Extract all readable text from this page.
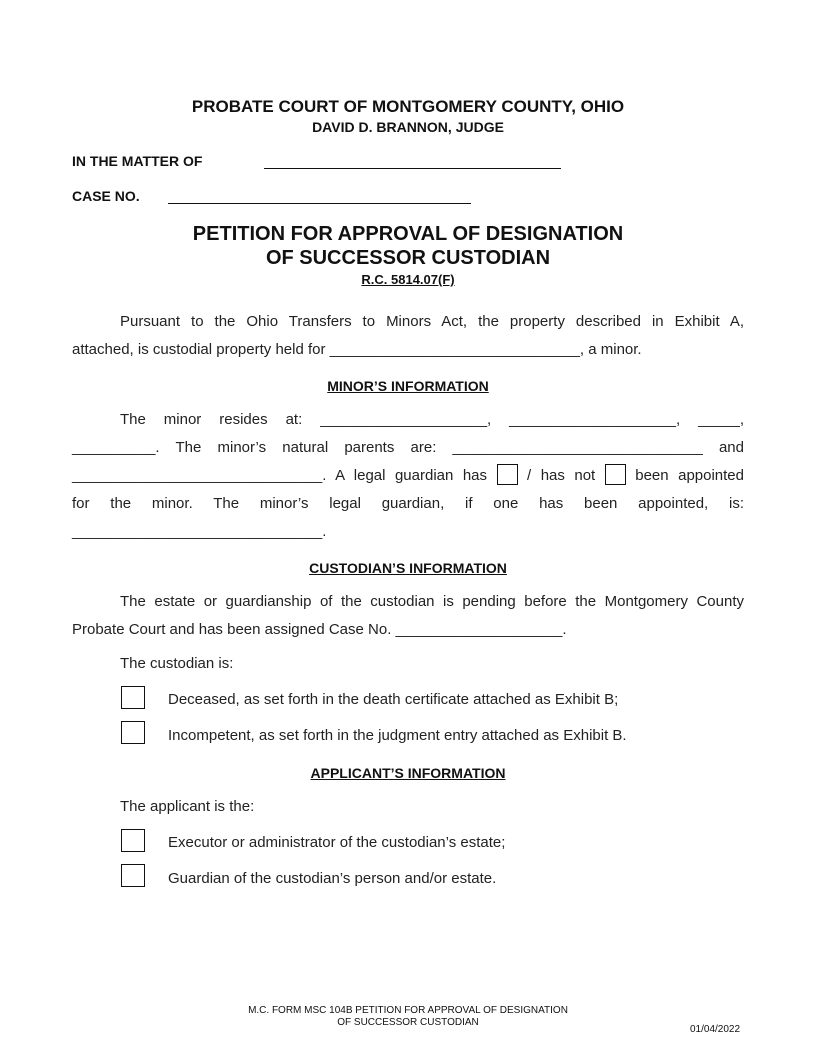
PROBATE COURT OF MONTGOMERY COUNTY, OHIO
DAVID D. BRANNON, JUDGE
IN THE MATTER OF
CASE NO.
PETITION FOR APPROVAL OF DESIGNATION
OF SUCCESSOR CUSTODIAN
R.C. 5814.07(F)
Pursuant to the Ohio Transfers to Minors Act, the property described in Exhibit A,
attached, is custodial property held for ______________________________, a minor.
MINOR’S INFORMATION
The minor resides at: ____________________, ____________________, _____,
__________. The minor’s natural parents are: ______________________________ and
______________________________. A legal guardian has	/ has not	been appointed
for the minor. The minor’s legal guardian, if one has been appointed, is:
______________________________.
CUSTODIAN’S INFORMATION
The estate or guardianship of the custodian is pending before the Montgomery County
Probate Court and has been assigned Case No. ____________________.
The custodian is:
Deceased, as set forth in the death certificate attached as Exhibit B;
Incompetent, as set forth in the judgment entry attached as Exhibit B.
APPLICANT’S INFORMATION
The applicant is the:
Executor or administrator of the custodian’s estate;
Guardian of the custodian’s person and/or estate.
M.C. FORM MSC 104B PETITION FOR APPROVAL OF DESIGNATION
OF SUCCESSOR CUSTODIAN
01/04/2022
